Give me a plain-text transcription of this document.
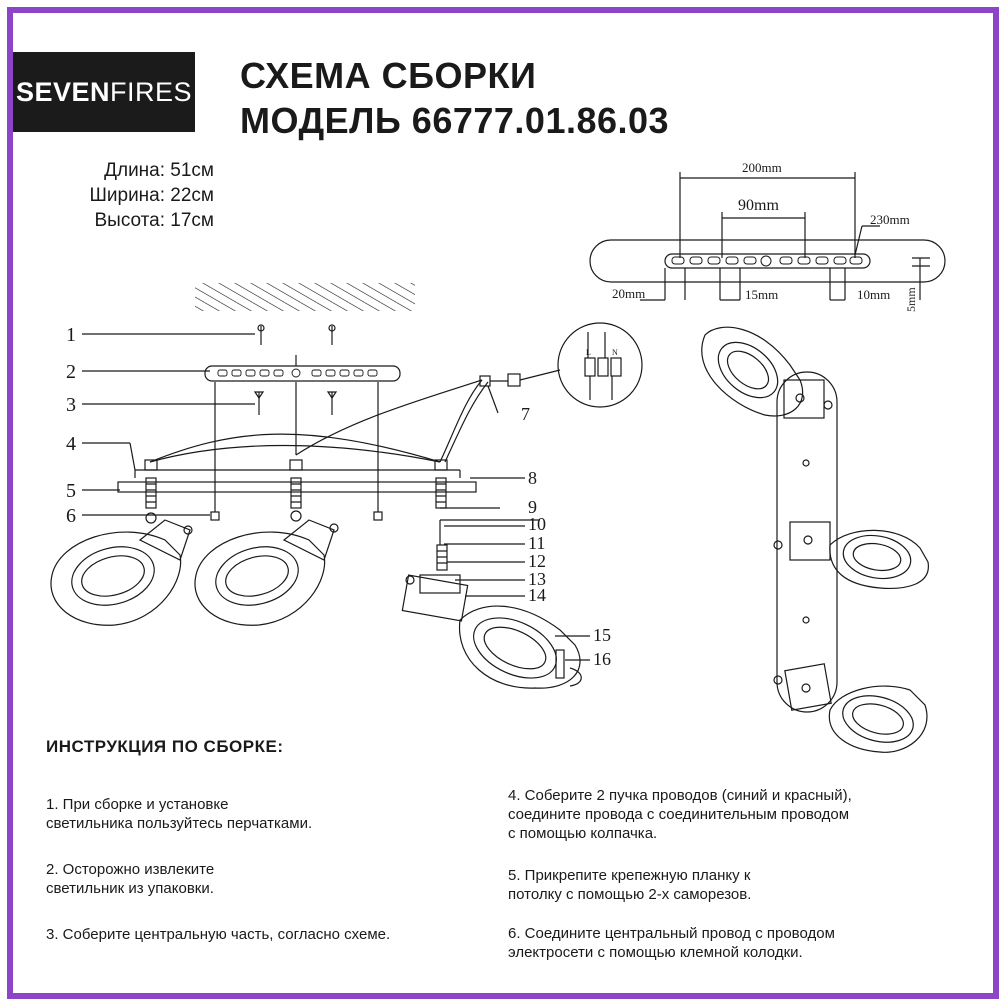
SEVEN FIRES СХЕМА СБОРКИ
МОДЕЛЬ 66777.01.86.03
Длина: 51см
Ширина: 22см
Высота: 17см
200mm
90mm
230mm
20mm	15mm	10mm 5mm
1
2
3
4
5
6
7
8
9
10
11
12
13
14
15
16
L	N
ИНСТРУКЦИЯ ПО СБОРКЕ:
1. При сборке и установке
светильника пользуйтесь перчатками.
2. Осторожно извлеките
светильник из упаковки.
3. Соберите центральную часть, согласно схеме.
4. Соберите 2 пучка проводов (синий и красный),
соедините провода с соединительным проводом
с помощью колпачка.
5. Прикрепите крепежную планку к
потолку с помощью 2-х саморезов.
6. Соедините центральный провод с проводом
электросети с помощью клемной колодки.
